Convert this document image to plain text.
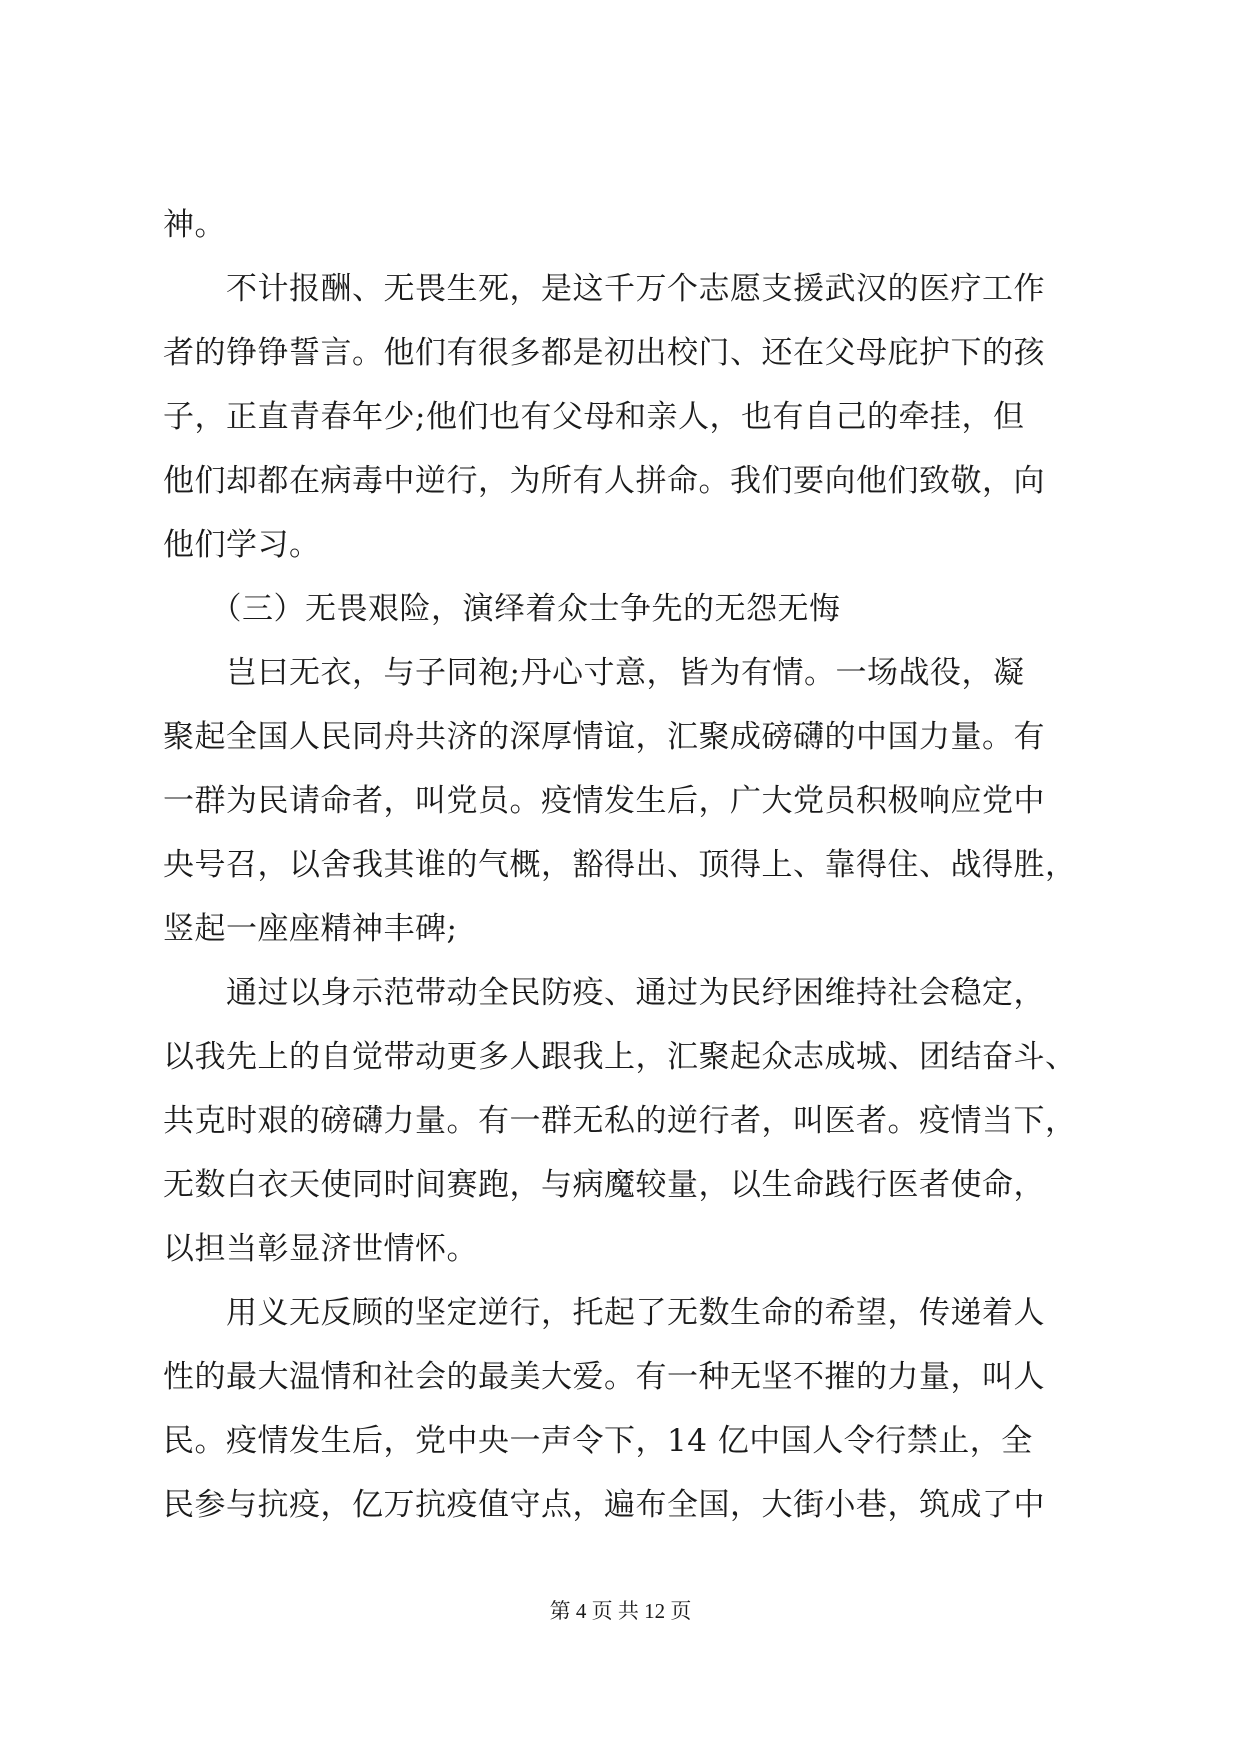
神。
　　不计报酬、无畏生死，是这千万个志愿支援武汉的医疗工作
者的铮铮誓言。他们有很多都是初出校门、还在父母庇护下的孩
子，正直青春年少;他们也有父母和亲人，也有自己的牵挂，但
他们却都在病毒中逆行，为所有人拼命。我们要向他们致敬，向
他们学习。
　　（三）无畏艰险，演绎着众士争先的无怨无悔
　　岂曰无衣，与子同袍;丹心寸意，皆为有情。一场战役，凝
聚起全国人民同舟共济的深厚情谊，汇聚成磅礴的中国力量。有
一群为民请命者，叫党员。疫情发生后，广大党员积极响应党中
央号召，以舍我其谁的气概，豁得出、顶得上、靠得住、战得胜，
竖起一座座精神丰碑;
　　通过以身示范带动全民防疫、通过为民纾困维持社会稳定，
以我先上的自觉带动更多人跟我上，汇聚起众志成城、团结奋斗、
共克时艰的磅礴力量。有一群无私的逆行者，叫医者。疫情当下，
无数白衣天使同时间赛跑，与病魔较量，以生命践行医者使命，
以担当彰显济世情怀。
　　用义无反顾的坚定逆行，托起了无数生命的希望，传递着人
性的最大温情和社会的最美大爱。有一种无坚不摧的力量，叫人
民。疫情发生后，党中央一声令下，14 亿中国人令行禁止，全
民参与抗疫，亿万抗疫值守点，遍布全国，大街小巷，筑成了中
第 4 页 共 12 页
